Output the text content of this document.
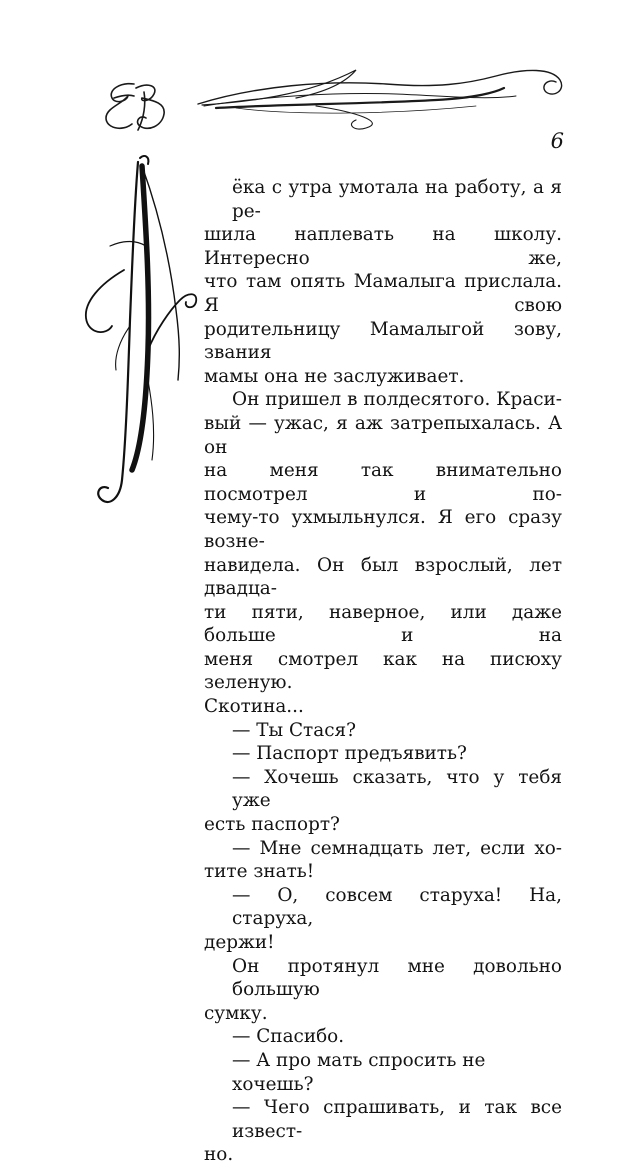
6

ёка с утра умотала на работу, а я ре-
шила наплевать на школу. Интересно же,
что там опять Мамалыга прислала. Я свою
родительницу Мамалыгой зову, звания
мамы она не заслуживает.

Он пришел в полдесятого. Краси-
вый — ужас, я аж затрепыхалась. А он
на меня так внимательно посмотрел и по-
чему-то ухмыльнулся. Я его сразу возне-
навидела. Он был взрослый, лет двадца-
ти пяти, наверное, или даже больше и на
меня смотрел как на писюху зеленую.
Скотина...

— Ты Стася?

— Паспорт предъявить?

— Хочешь сказать, что у тебя уже
есть паспорт?

— Мне семнадцать лет, если хо-
тите знать!

— О, совсем старуха! На, старуха,
держи!

Он протянул мне довольно большую
сумку.

— Спасибо.

— А про мать спросить не хочешь?

— Чего спрашивать, и так все извест-
но.
